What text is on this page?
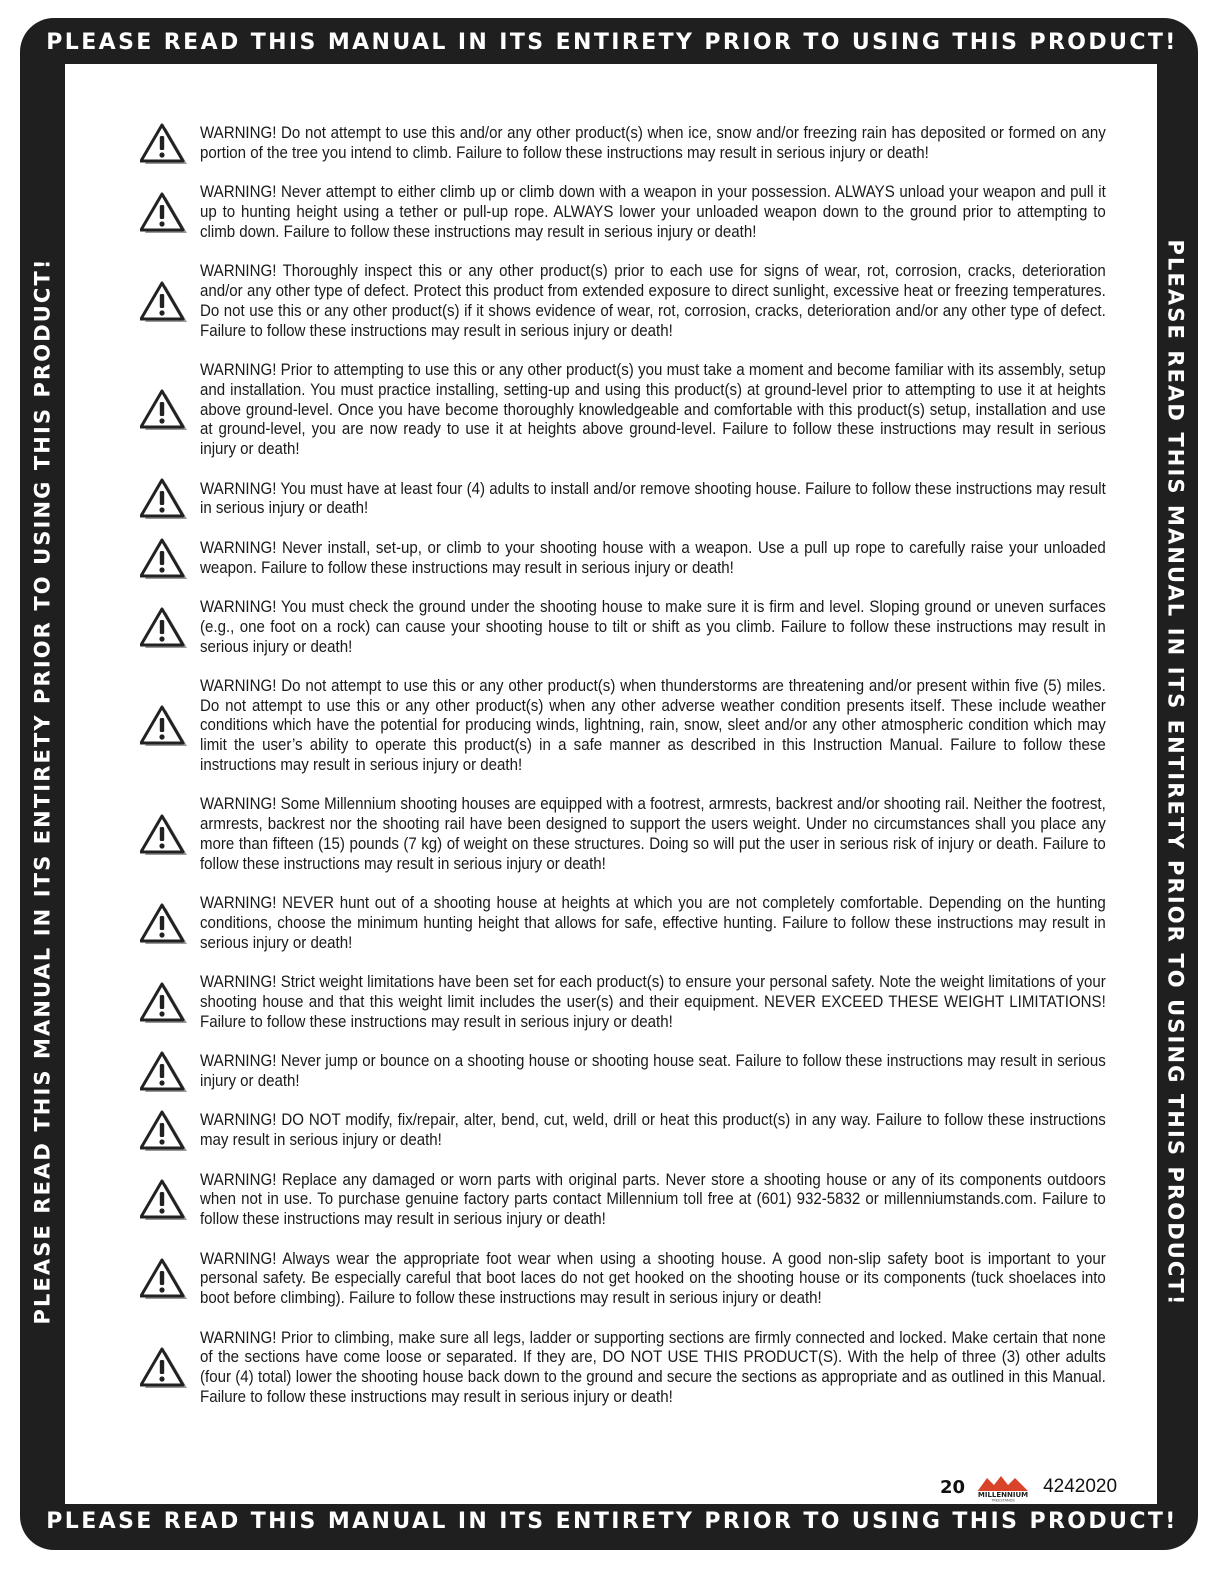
PLEASE READ THIS MANUAL IN ITS ENTIRETY PRIOR TO USING THIS PRODUCT!
PLEASE READ THIS MANUAL IN ITS ENTIRETY PRIOR TO USING THIS PRODUCT!
PLEASE READ THIS MANUAL IN ITS ENTIRETY PRIOR TO USING THIS PRODUCT!	PLEASE READ THIS MANUAL IN ITS ENTIRETY PRIOR TO USING THIS PRODUCT!
WARNING! Do not attempt to use this and/or any other product(s) when ice, snow and/or freezing rain has deposited or formed on any portion of the tree you intend to climb. Failure to follow these instructions may result in serious injury or death!
WARNING! Never attempt to either climb up or climb down with a weapon in your possession. ALWAYS unload your weapon and pull it up to hunting height using a tether or pull-up rope. ALWAYS lower your unloaded weapon down to the ground prior to attempting to climb down. Failure to follow these instructions may result in serious injury or death!
WARNING! Thoroughly inspect this or any other product(s) prior to each use for signs of wear, rot, corrosion, cracks, deterioration and/or any other type of defect. Protect this product from extended exposure to direct sunlight, excessive heat or freezing temperatures. Do not use this or any other product(s) if it shows evidence of wear, rot, corrosion, cracks, deterioration and/or any other type of defect. Failure to follow these instructions may result in serious injury or death!
WARNING! Prior to attempting to use this or any other product(s) you must take a moment and become familiar with its assembly, setup and installation. You must practice installing, setting-up and using this product(s) at ground-level prior to attempting to use it at heights above ground-level. Once you have become thoroughly knowledgeable and comfortable with this product(s) setup, installation and use at ground-level, you are now ready to use it at heights above ground-level. Failure to follow these instructions may result in serious injury or death!
WARNING! You must have at least four (4) adults to install and/or remove shooting house. Failure to follow these instructions may result in serious injury or death!
WARNING! Never install, set-up, or climb to your shooting house with a weapon. Use a pull up rope to carefully raise your unloaded weapon. Failure to follow these instructions may result in serious injury or death!
WARNING! You must check the ground under the shooting house to make sure it is firm and level. Sloping ground or uneven surfaces (e.g., one foot on a rock) can cause your shooting house to tilt or shift as you climb. Failure to follow these instructions may result in serious injury or death!
WARNING! Do not attempt to use this or any other product(s) when thunderstorms are threatening and/or present within five (5) miles. Do not attempt to use this or any other product(s) when any other adverse weather condition presents itself. These include weather conditions which have the potential for producing winds, lightning, rain, snow, sleet and/or any other atmospheric condition which may limit the user’s ability to operate this product(s) in a safe manner as described in this Instruction Manual. Failure to follow these instructions may result in serious injury or death!
WARNING! Some Millennium shooting houses are equipped with a footrest, armrests, backrest and/or shooting rail. Neither the footrest, armrests, backrest nor the shooting rail have been designed to support the users weight. Under no circumstances shall you place any more than fifteen (15) pounds (7 kg) of weight on these structures. Doing so will put the user in serious risk of injury or death. Failure to follow these instructions may result in serious injury or death!
WARNING! NEVER hunt out of a shooting house at heights at which you are not completely comfortable. Depending on the hunting conditions, choose the minimum hunting height that allows for safe, effective hunting. Failure to follow these instructions may result in serious injury or death!
WARNING! Strict weight limitations have been set for each product(s) to ensure your personal safety. Note the weight limitations of your shooting house and that this weight limit includes the user(s) and their equipment. NEVER EXCEED THESE WEIGHT LIMITATIONS! Failure to follow these instructions may result in serious injury or death!
WARNING! Never jump or bounce on a shooting house or shooting house seat. Failure to follow these instructions may result in serious injury or death!
WARNING! DO NOT modify, fix/repair, alter, bend, cut, weld, drill or heat this product(s) in any way. Failure to follow these instructions may result in serious injury or death!
WARNING! Replace any damaged or worn parts with original parts. Never store a shooting house or any of its components outdoors when not in use. To purchase genuine factory parts contact Millennium toll free at (601) 932-5832 or millenniumstands.com. Failure to follow these instructions may result in serious injury or death!
WARNING! Always wear the appropriate foot wear when using a shooting house. A good non-slip safety boot is important to your personal safety. Be especially careful that boot laces do not get hooked on the shooting house or its components (tuck shoelaces into boot before climbing). Failure to follow these instructions may result in serious injury or death!
WARNING! Prior to climbing, make sure all legs, ladder or supporting sections are firmly connected and locked. Make certain that none of the sections have come loose or separated. If they are, DO NOT USE THIS PRODUCT(S). With the help of three (3) other adults (four (4) total) lower the shooting house back down to the ground and secure the sections as appropriate and as outlined in this Manual. Failure to follow these instructions may result in serious injury or death!
20 MILLENNIUM
TREESTANDS
4242020
